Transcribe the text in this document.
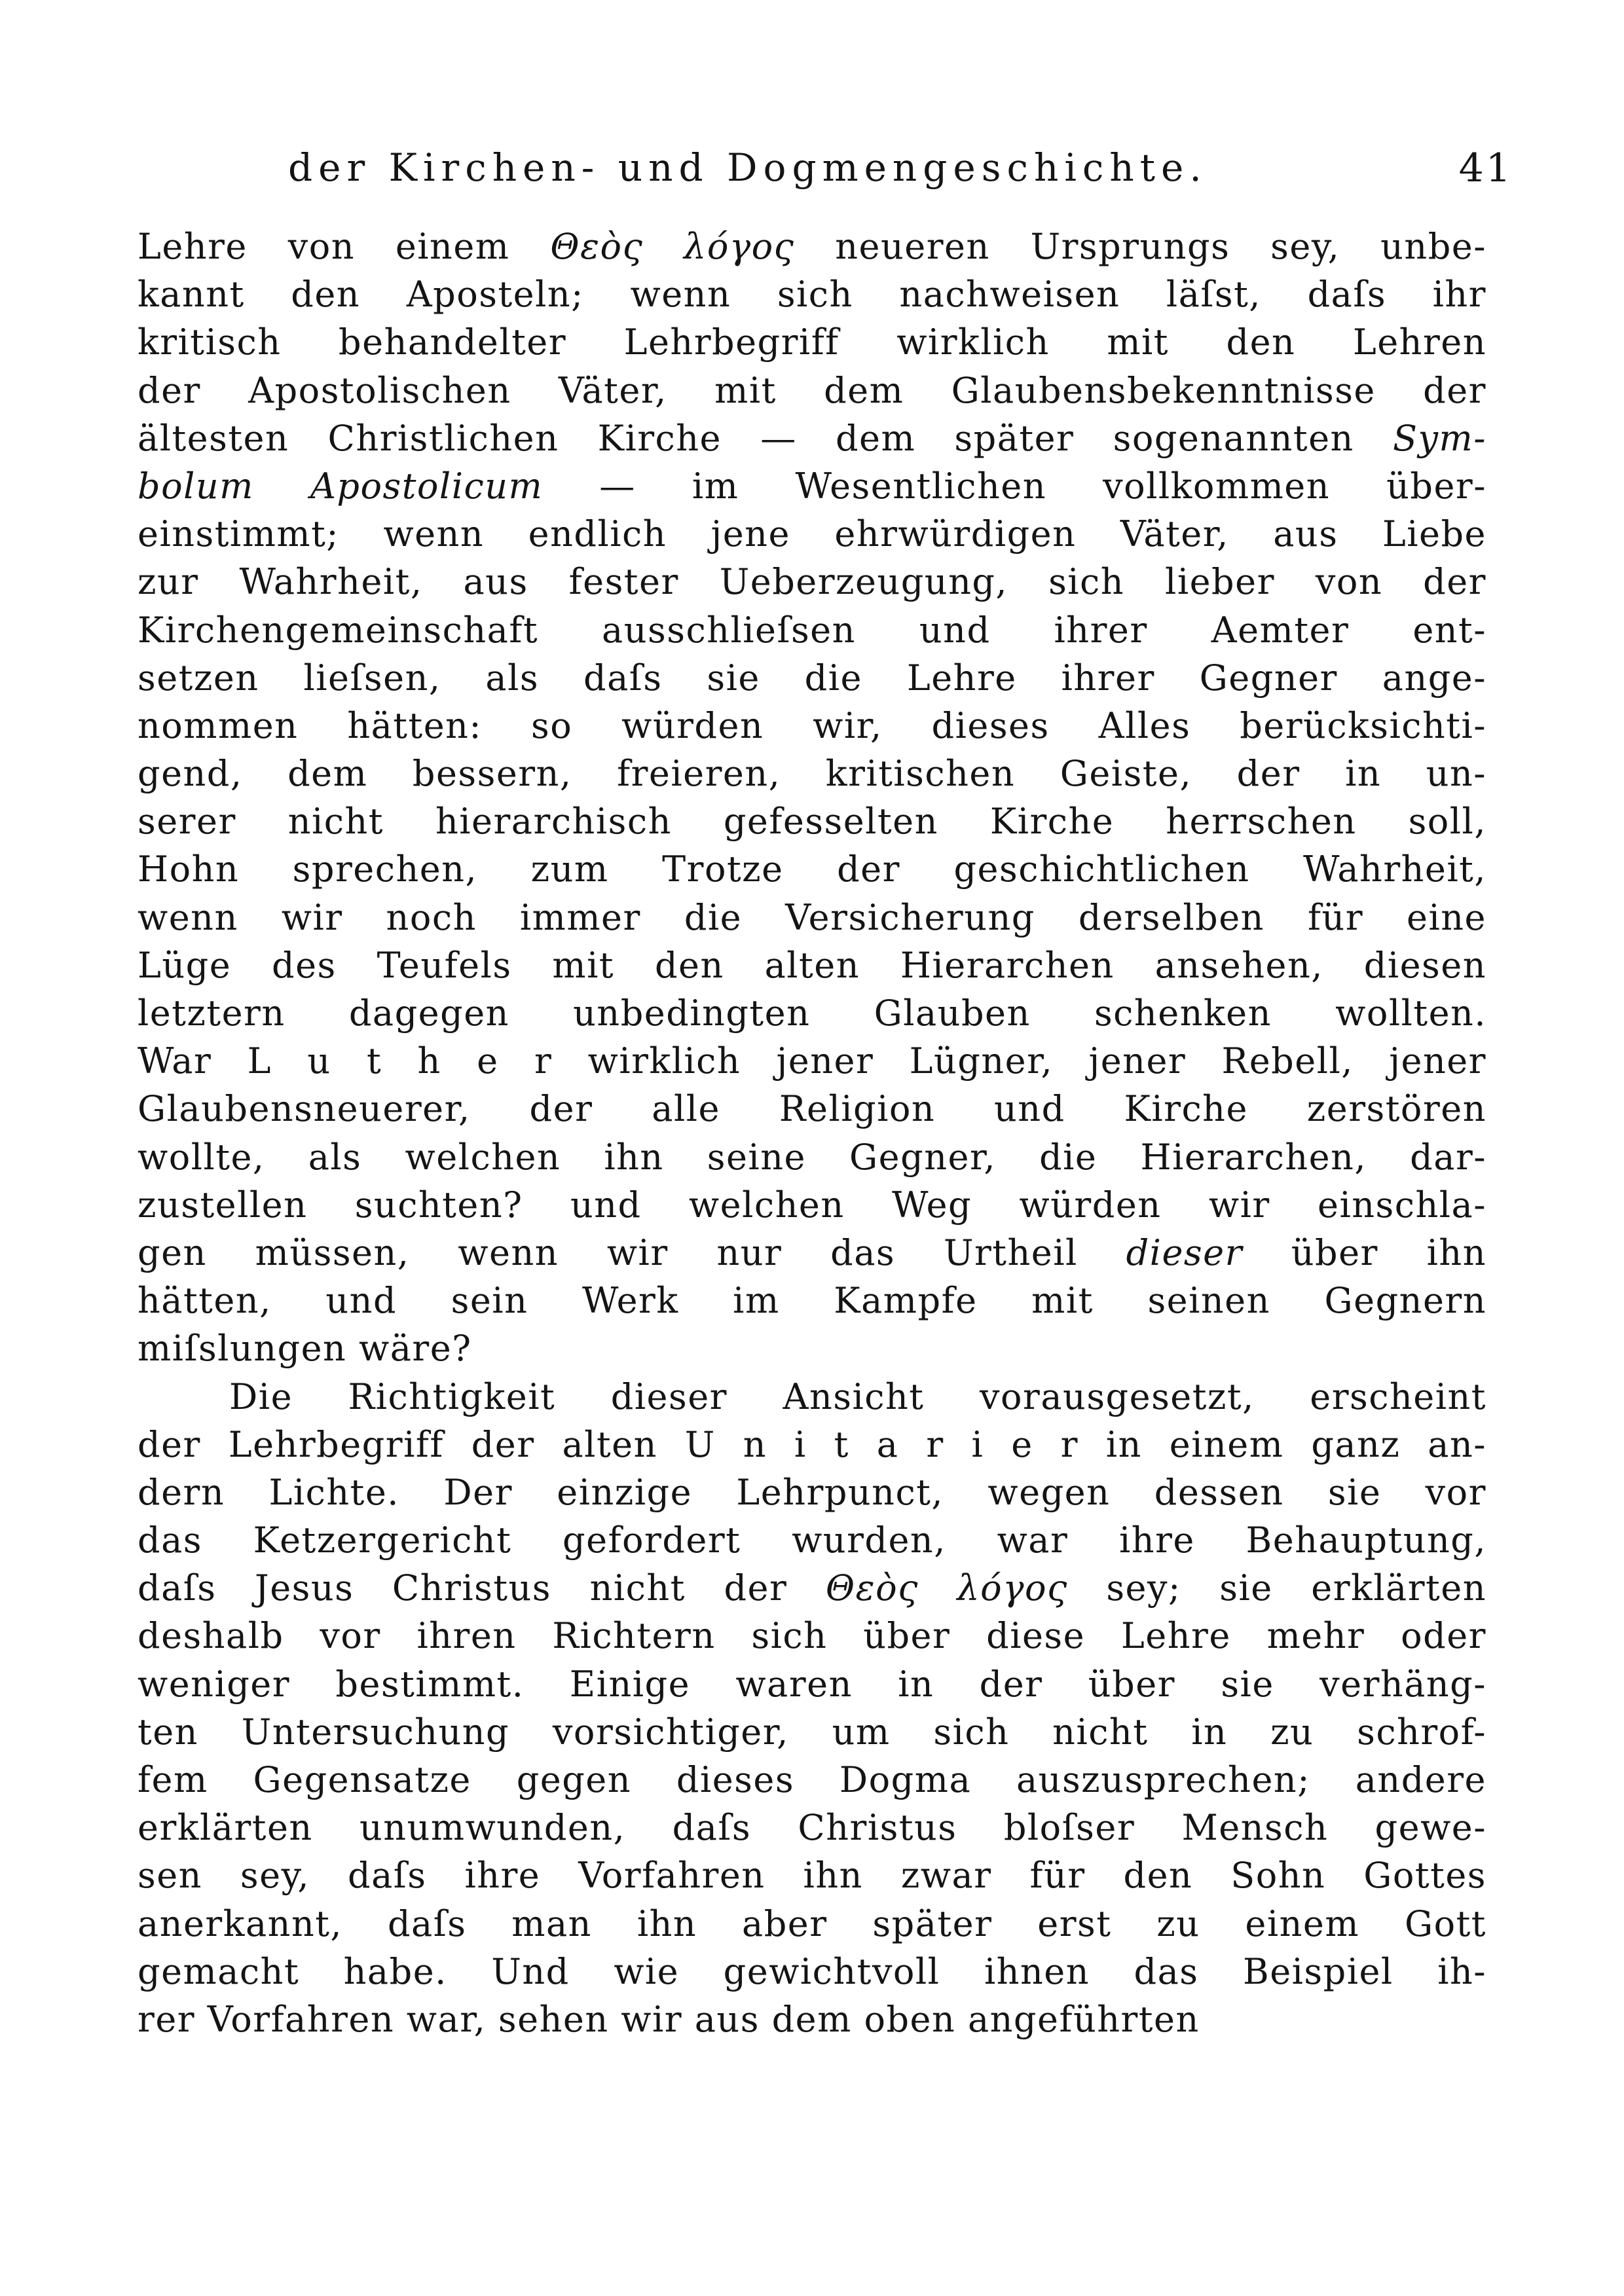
der Kirchen- und Dogmengeschichte.	41
Lehre von einem Θεὸς λόγος neueren Ursprungs sey, unbe-
kannt den Aposteln; wenn sich nachweisen läſst, daſs ihr
kritisch behandelter Lehrbegriff wirklich mit den Lehren
der Apostolischen Väter, mit dem Glaubensbekenntnisse der
ältesten Christlichen Kirche — dem später sogenannten Sym-
bolum Apostolicum — im Wesentlichen vollkommen über-
einstimmt; wenn endlich jene ehrwürdigen Väter, aus Liebe
zur Wahrheit, aus fester Ueberzeugung, sich lieber von der
Kirchengemeinschaft ausschlieſsen und ihrer Aemter ent-
setzen lieſsen, als daſs sie die Lehre ihrer Gegner ange-
nommen hätten: so würden wir, dieses Alles berücksichti-
gend, dem bessern, freieren, kritischen Geiste, der in un-
serer nicht hierarchisch gefesselten Kirche herrschen soll,
Hohn sprechen, zum Trotze der geschichtlichen Wahrheit,
wenn wir noch immer die Versicherung derselben für eine
Lüge des Teufels mit den alten Hierarchen ansehen, diesen
letztern dagegen unbedingten Glauben schenken wollten.
War L u t h e r wirklich jener Lügner, jener Rebell, jener
Glaubensneuerer, der alle Religion und Kirche zerstören
wollte, als welchen ihn seine Gegner, die Hierarchen, dar-
zustellen suchten? und welchen Weg würden wir einschla-
gen müssen, wenn wir nur das Urtheil dieser über ihn
hätten, und sein Werk im Kampfe mit seinen Gegnern
miſslungen wäre?
Die Richtigkeit dieser Ansicht vorausgesetzt, erscheint
der Lehrbegriff der alten U n i t a r i e r in einem ganz an-
dern Lichte. Der einzige Lehrpunct, wegen dessen sie vor
das Ketzergericht gefordert wurden, war ihre Behauptung,
daſs Jesus Christus nicht der Θεὸς λόγος sey; sie erklärten
deshalb vor ihren Richtern sich über diese Lehre mehr oder
weniger bestimmt. Einige waren in der über sie verhäng-
ten Untersuchung vorsichtiger, um sich nicht in zu schrof-
fem Gegensatze gegen dieses Dogma auszusprechen; andere
erklärten unumwunden, daſs Christus bloſser Mensch gewe-
sen sey, daſs ihre Vorfahren ihn zwar für den Sohn Gottes
anerkannt, daſs man ihn aber später erst zu einem Gott
gemacht habe. Und wie gewichtvoll ihnen das Beispiel ih-
rer Vorfahren war, sehen wir aus dem oben angeführten
